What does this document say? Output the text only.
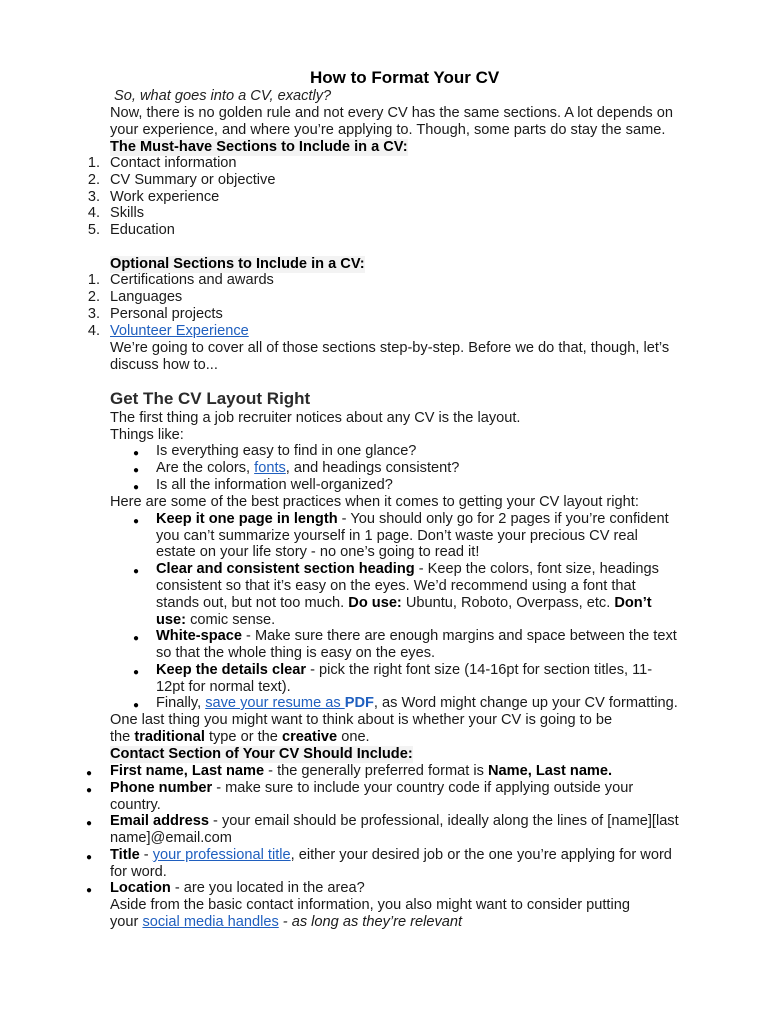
How to Format Your CV
So, what goes into a CV, exactly?
Now, there is no golden rule and not every CV has the same sections. A lot depends on
your experience, and where you’re applying to. Though, some parts do stay the same.
The Must-have Sections to Include in a CV:
1. Contact information
2. CV Summary or objective
3. Work experience
4. Skills
5. Education
Optional Sections to Include in a CV:
1. Certifications and awards
2. Languages
3. Personal projects
4. Volunteer Experience
We’re going to cover all of those sections step-by-step. Before we do that, though, let’s
discuss how to...
Get The CV Layout Right
The first thing a job recruiter notices about any CV is the layout.
Things like:
● Is everything easy to find in one glance?
● Are the colors, fonts, and headings consistent?
● Is all the information well-organized?
Here are some of the best practices when it comes to getting your CV layout right:
● Keep it one page in length - You should only go for 2 pages if you’re confident
you can’t summarize yourself in 1 page. Don’t waste your precious CV real
estate on your life story - no one’s going to read it!
● Clear and consistent section heading - Keep the colors, font size, headings
consistent so that it’s easy on the eyes. We’d recommend using a font that
stands out, but not too much. Do use: Ubuntu, Roboto, Overpass, etc. Don’t
use: comic sense.
● White-space - Make sure there are enough margins and space between the text
so that the whole thing is easy on the eyes.
● Keep the details clear - pick the right font size (14-16pt for section titles, 11-
12pt for normal text).
● Finally, save your resume as PDF, as Word might change up your CV formatting.
One last thing you might want to think about is whether your CV is going to be
the traditional type or the creative one.
Contact Section of Your CV Should Include:
● First name, Last name - the generally preferred format is Name, Last name.
● Phone number - make sure to include your country code if applying outside your
country.
● Email address - your email should be professional, ideally along the lines of [name][last
name]@email.com
● Title - your professional title, either your desired job or the one you’re applying for word
for word.
● Location - are you located in the area?
Aside from the basic contact information, you also might want to consider putting
your social media handles - as long as they’re relevant
